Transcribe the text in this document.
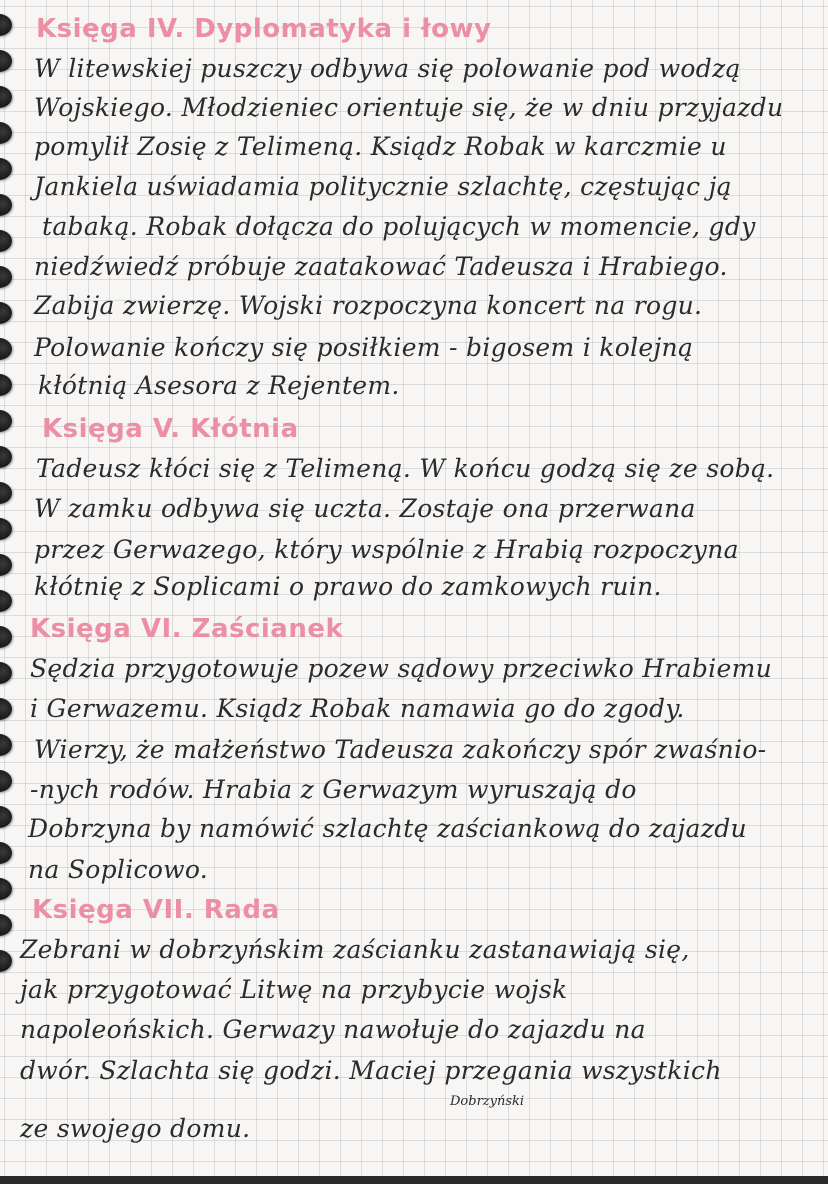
Księga IV. Dyplomatyka i łowy
W litewskiej puszczy odbywa się polowanie pod wodzą
Wojskiego. Młodzieniec orientuje się, że w dniu przyjazdu
pomylił Zosię z Telimeną. Ksiądz Robak w karczmie u
Jankiela uświadamia politycznie szlachtę, częstując ją
tabaką. Robak dołącza do polujących w momencie, gdy
niedźwiedź próbuje zaatakować Tadeusza i Hrabiego.
Zabija zwierzę. Wojski rozpoczyna koncert na rogu.
Polowanie kończy się posiłkiem - bigosem i kolejną
kłótnią Asesora z Rejentem.
Księga V. Kłótnia
Tadeusz kłóci się z Telimeną. W końcu godzą się ze sobą.
W zamku odbywa się uczta. Zostaje ona przerwana
przez Gerwazego, który wspólnie z Hrabią rozpoczyna
kłótnię z Soplicami o prawo do zamkowych ruin.
Księga VI. Zaścianek
Sędzia przygotowuje pozew sądowy przeciwko Hrabiemu
i Gerwazemu. Ksiądz Robak namawia go do zgody.
Wierzy, że małżeństwo Tadeusza zakończy spór zwaśnio-
-nych rodów. Hrabia z Gerwazym wyruszają do
Dobrzyna by namówić szlachtę zaściankową do zajazdu
na Soplicowo.
Księga VII. Rada
Zebrani w dobrzyńskim zaścianku zastanawiają się,
jak przygotować Litwę na przybycie wojsk
napoleońskich. Gerwazy nawołuje do zajazdu na
dwór. Szlachta się godzi. Maciej przegania wszystkich
Dobrzyński
ze swojego domu.
